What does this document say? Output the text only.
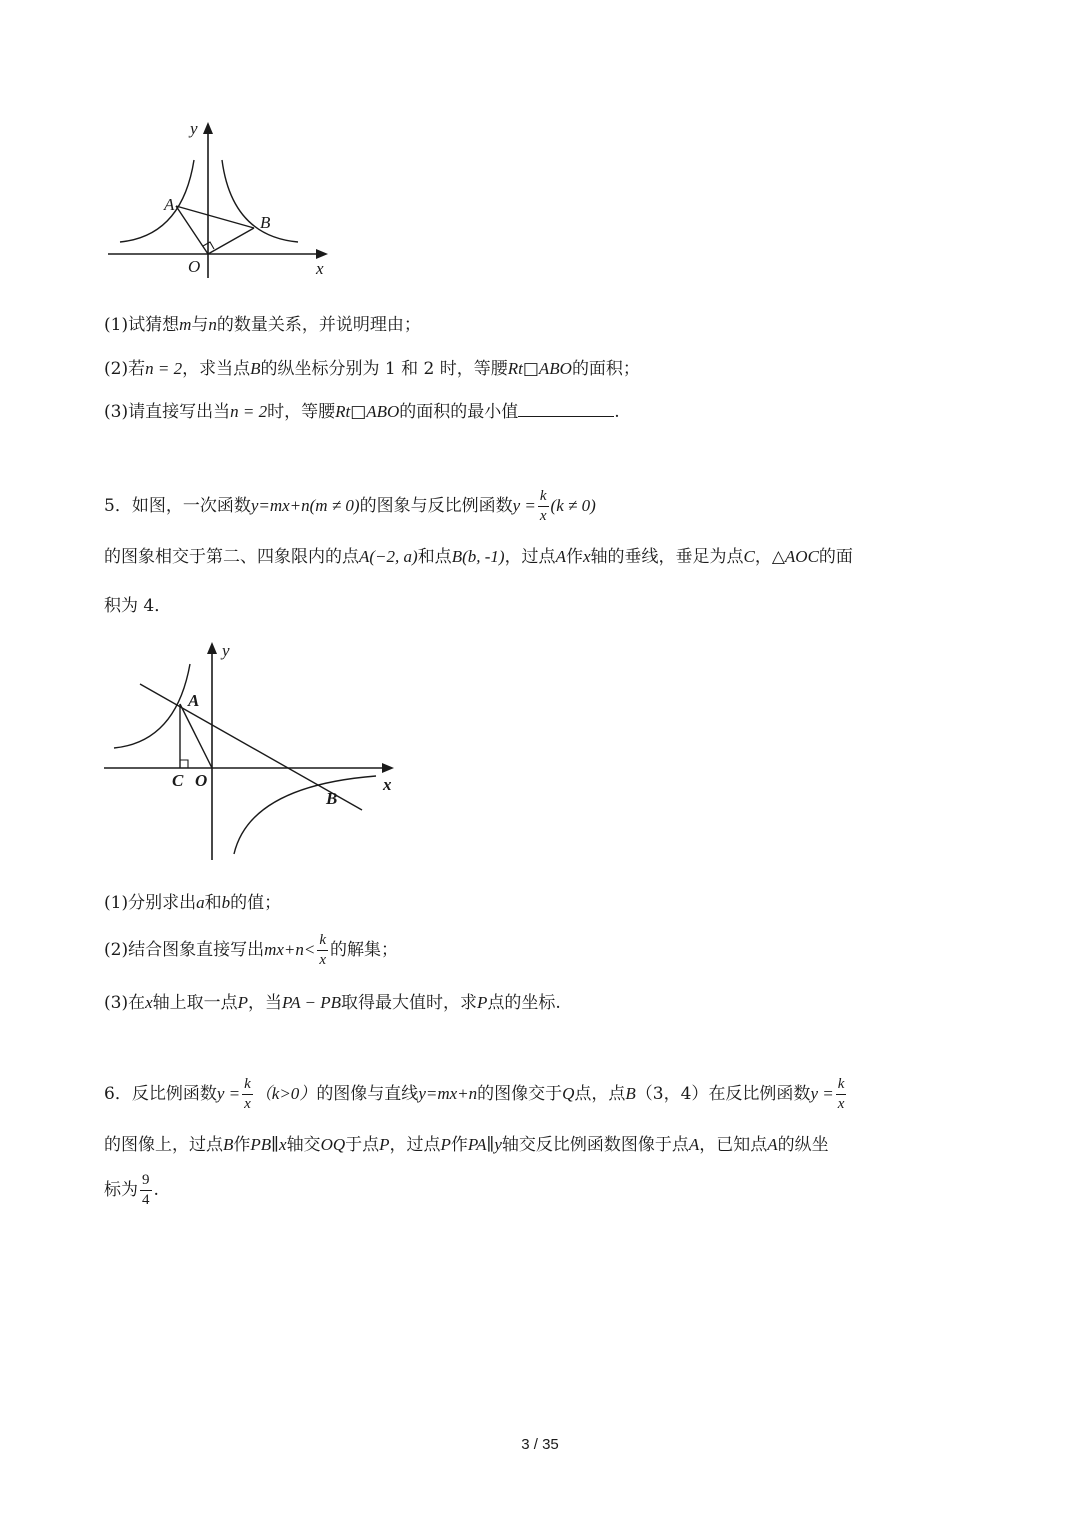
y
x
O
A
B
(1)试猜想m与n的数量关系，并说明理由；
(2)若n = 2，求当点B的纵坐标分别为 1 和 2 时，等腰Rt□ABO的面积；
(3)请直接写出当n = 2时，等腰Rt□ABO的面积的最小值	.
5．如图，一次函数y=mx+n(m ≠ 0)的图象与反比例函数$y = \frac{k}{x} (k \ne 0)$
的图象相交于第二、四象限内的点A(−2, a)和点B(b, -1)，过点A作x轴的垂线，垂足为点C，△AOC的面
积为 4．
y
x
A
B
C O
(1)分别求出a和b的值；
(2)结合图象直接写出$mx+n< \frac{k}{x}$ 的解集；
(3)在x轴上取一点P，当PA − PB取得最大值时，求P点的坐标.
6．反比例函数$y = \frac{k}{x} (k>0)$的图像与直线y=mx+n的图像交于Q点，点B（3，4）在反比例函数$y = \frac{k}{x}$
的图像上，过点B作PB∥x轴交OQ于点P，过点P作PA∥y轴交反比例函数图像于点A，已知点A的纵坐
标为 $\frac{9}{4}$ .
3 / 35
